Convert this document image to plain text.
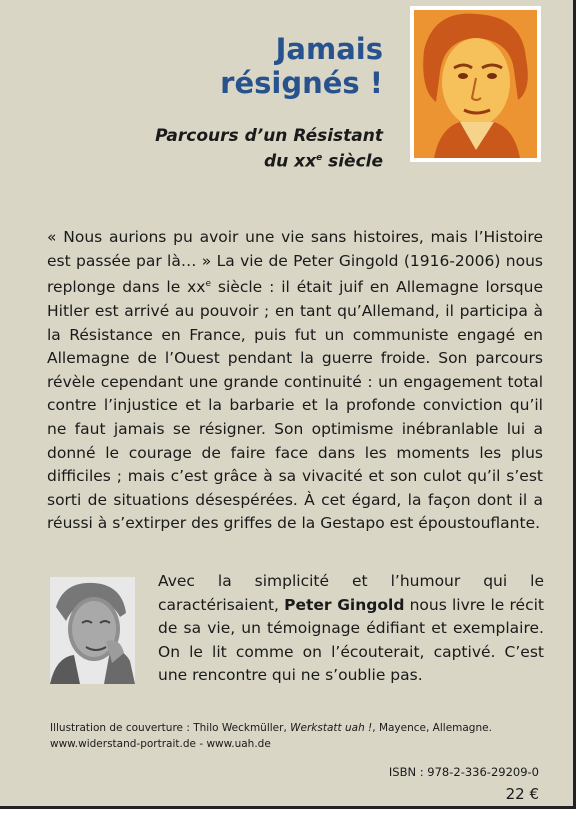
Jamais
résignés !
Parcours d’un Résistant
du $xx^e$ siècle
« Nous aurions pu avoir une vie sans histoires, mais l’Histoire est passée par là… » La vie de Peter Gingold (1916-2006) nous replonge dans le $xx^e$ siècle : il était juif en Allemagne lorsque Hitler est arrivé au pouvoir ; en tant qu’Allemand, il participa à la Résistance en France, puis fut un communiste engagé en Allemagne de l’Ouest pendant la guerre froide. Son parcours révèle cependant une grande continuité : un engagement total contre l’injustice et la barbarie et la profonde conviction qu’il ne faut jamais se résigner. Son optimisme inébranlable lui a donné le courage de faire face dans les moments les plus difficiles ; mais c’est grâce à sa vivacité et son culot qu’il s’est sorti de situations désespérées. À cet égard, la façon dont il a réussi à s’extirper des griffes de la Gestapo est époustouflante.
Avec la simplicité et l’humour qui le caractérisaient, Peter Gingold nous livre le récit de sa vie, un témoignage édifiant et exemplaire. On le lit comme on l’écouterait, captivé. C’est une rencontre qui ne s’oublie pas.
Illustration de couverture : Thilo Weckmüller, Werkstatt uah !, Mayence, Allemagne.
www.widerstand-portrait.de - www.uah.de
ISBN : 978-2-336-29209-0
22 €
